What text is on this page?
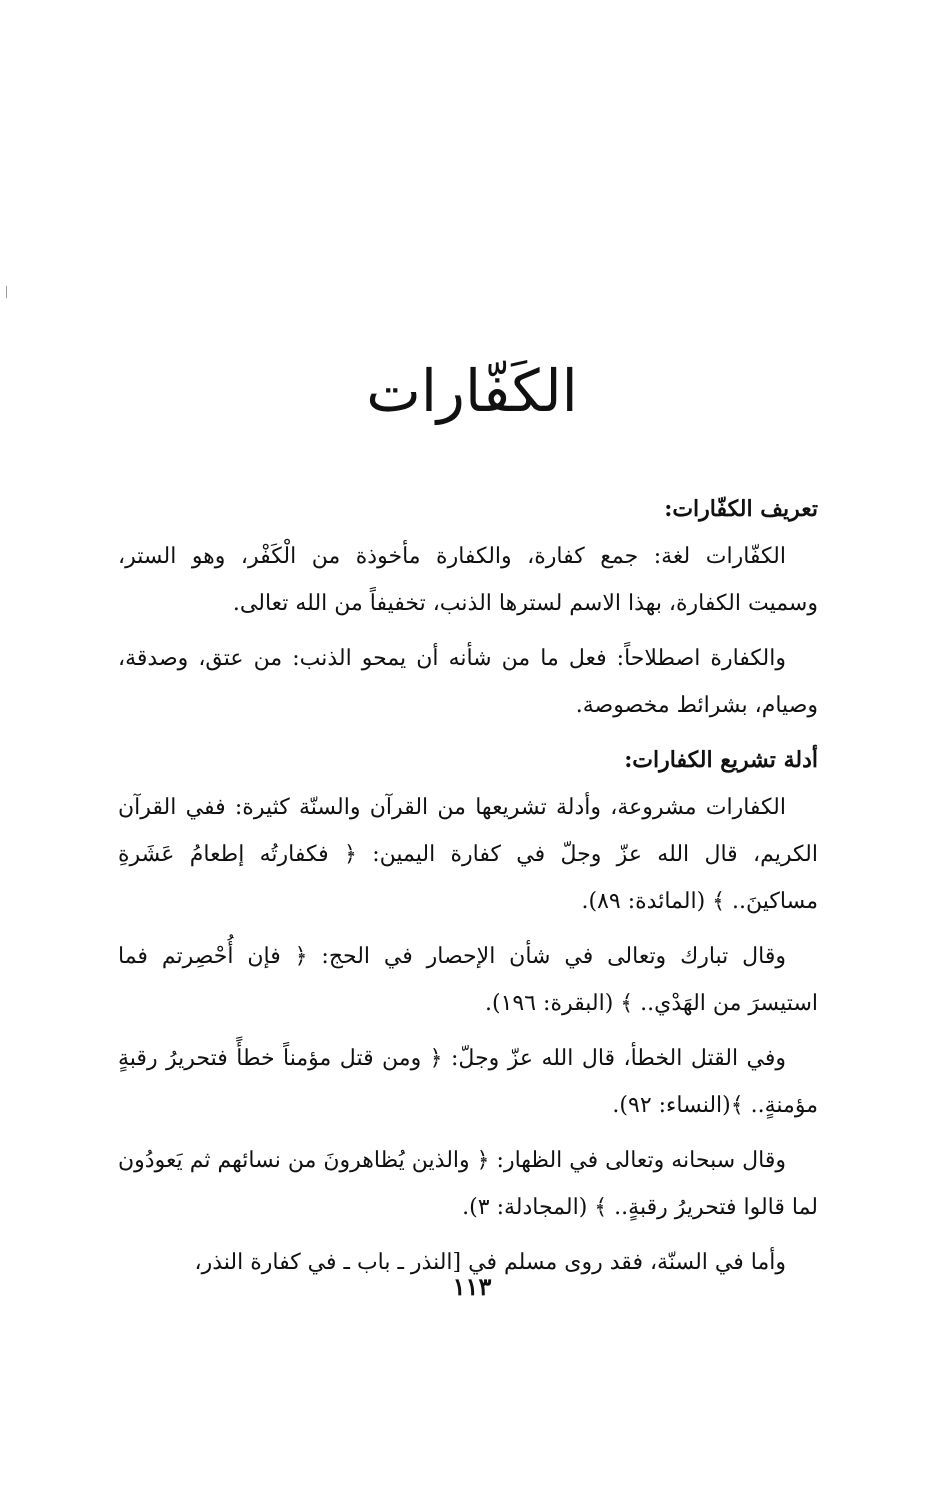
الكَفّارات

تعريف الكفّارات:

الكفّارات لغة: جمع كفارة، والكفارة مأخوذة من الْكَفْر، وهو الستر، وسميت الكفارة، بهذا الاسم لسترها الذنب، تخفيفاً من الله تعالى.

والكفارة اصطلاحاً: فعل ما من شأنه أن يمحو الذنب: من عتق، وصدقة، وصيام، بشرائط مخصوصة.

أدلة تشريع الكفارات:

الكفارات مشروعة، وأدلة تشريعها من القرآن والسنّة كثيرة: ففي القرآن الكريم، قال الله عزّ وجلّ في كفارة اليمين: ﴿ فكفارتُه إطعامُ عَشَرةِ مساكينَ.. ﴾ (المائدة: ٨٩).

وقال تبارك وتعالى في شأن الإحصار في الحج: ﴿ فإن أُحْصِرتم فما استيسرَ من الهَدْي.. ﴾ (البقرة: ١٩٦).

وفي القتل الخطأ، قال الله عزّ وجلّ: ﴿ ومن قتل مؤمناً خطأً فتحريرُ رقبةٍ مؤمنةٍ.. ﴾(النساء: ٩٢).

وقال سبحانه وتعالى في الظهار: ﴿ والذين يُظاهرونَ من نسائهم ثم يَعودُون لما قالوا فتحريرُ رقبةٍ.. ﴾ (المجادلة: ٣).

وأما في السنّة، فقد روى مسلم في [النذر ـ باب ـ في كفارة النذر،

١١٣
